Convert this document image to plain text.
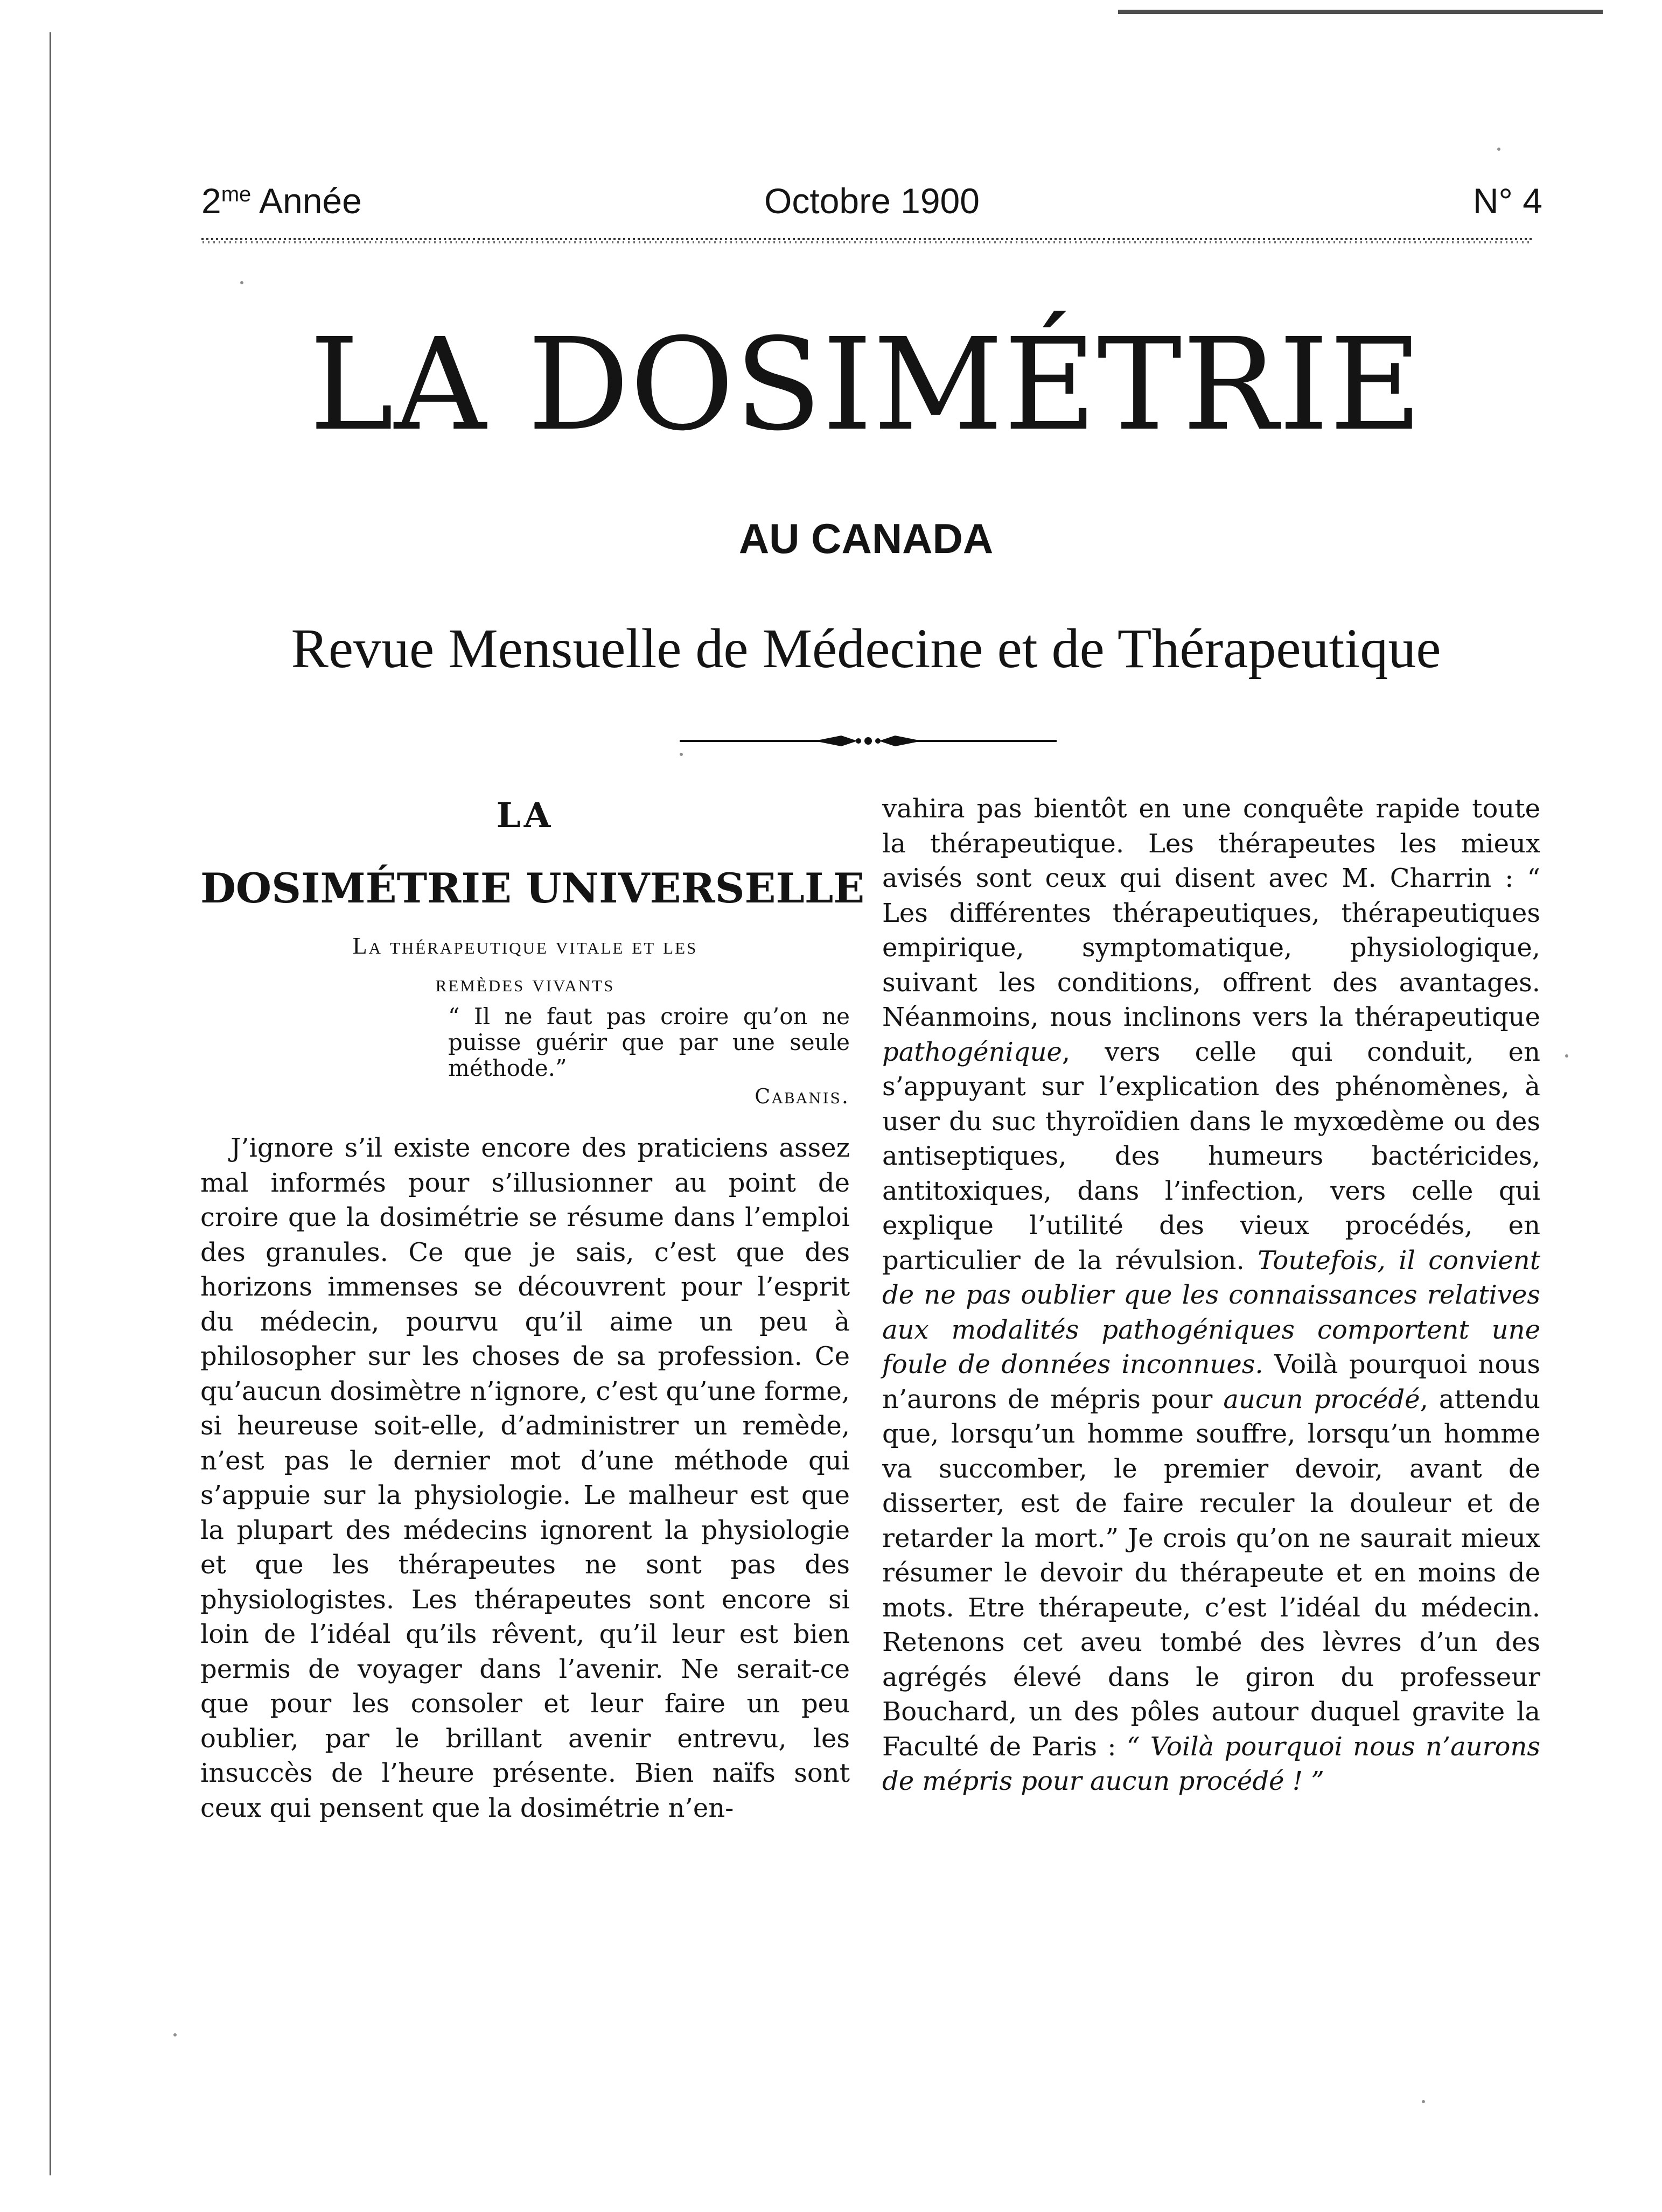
$2^{me}$ Année	Octobre 1900	N° 4
LA DOSIMÉTRIE
AU CANADA
Revue Mensuelle de Médecine et de Thérapeutique
LA
DOSIMÉTRIE UNIVERSELLE
La thérapeutique vitale et les
remèdes vivants
“ Il ne faut pas croire qu’on ne puisse guérir que par une seule méthode.”
Cabanis.

J’ignore s’il existe encore des praticiens assez mal informés pour s’illusionner au point de croire que la dosimétrie se résume dans l’emploi des granules. Ce que je sais, c’est que des horizons immenses se découvrent pour l’esprit du médecin, pourvu qu’il aime un peu à philosopher sur les choses de sa profession. Ce qu’aucun dosimètre n’ignore, c’est qu’une forme, si heureuse soit-elle, d’administrer un remède, n’est pas le dernier mot d’une méthode qui s’appuie sur la physiologie. Le malheur est que la plupart des médecins ignorent la physiologie et que les thérapeutes ne sont pas des physiologistes. Les thérapeutes sont encore si loin de l’idéal qu’ils rêvent, qu’il leur est bien permis de voyager dans l’avenir. Ne serait-ce que pour les consoler et leur faire un peu oublier, par le brillant avenir entrevu, les insuccès de l’heure présente. Bien naïfs sont ceux qui pensent que la dosimétrie n’en-

vahira pas bientôt en une conquête rapide toute la thérapeutique. Les thérapeutes les mieux avisés sont ceux qui disent avec M. Charrin : “ Les différentes thérapeutiques, thérapeutiques empirique, symptomatique, physiologique, suivant les conditions, offrent des avantages. Néanmoins, nous inclinons vers la thérapeutique pathogénique, vers celle qui conduit, en s’appuyant sur l’explication des phénomènes, à user du suc thyroïdien dans le myxœdème ou des antiseptiques, des humeurs bactéricides, antitoxiques, dans l’infection, vers celle qui explique l’utilité des vieux procédés, en particulier de la révulsion. Toutefois, il convient de ne pas oublier que les connaissances relatives aux modalités pathogéniques comportent une foule de données inconnues. Voilà pourquoi nous n’aurons de mépris pour aucun procédé, attendu que, lorsqu’un homme souffre, lorsqu’un homme va succomber, le premier devoir, avant de disserter, est de faire reculer la douleur et de retarder la mort.” Je crois qu’on ne saurait mieux résumer le devoir du thérapeute et en moins de mots. Etre thérapeute, c’est l’idéal du médecin. Retenons cet aveu tombé des lèvres d’un des agrégés élevé dans le giron du professeur Bouchard, un des pôles autour duquel gravite la Faculté de Paris : “ Voilà pourquoi nous n’aurons de mépris pour aucun procédé ! ”
